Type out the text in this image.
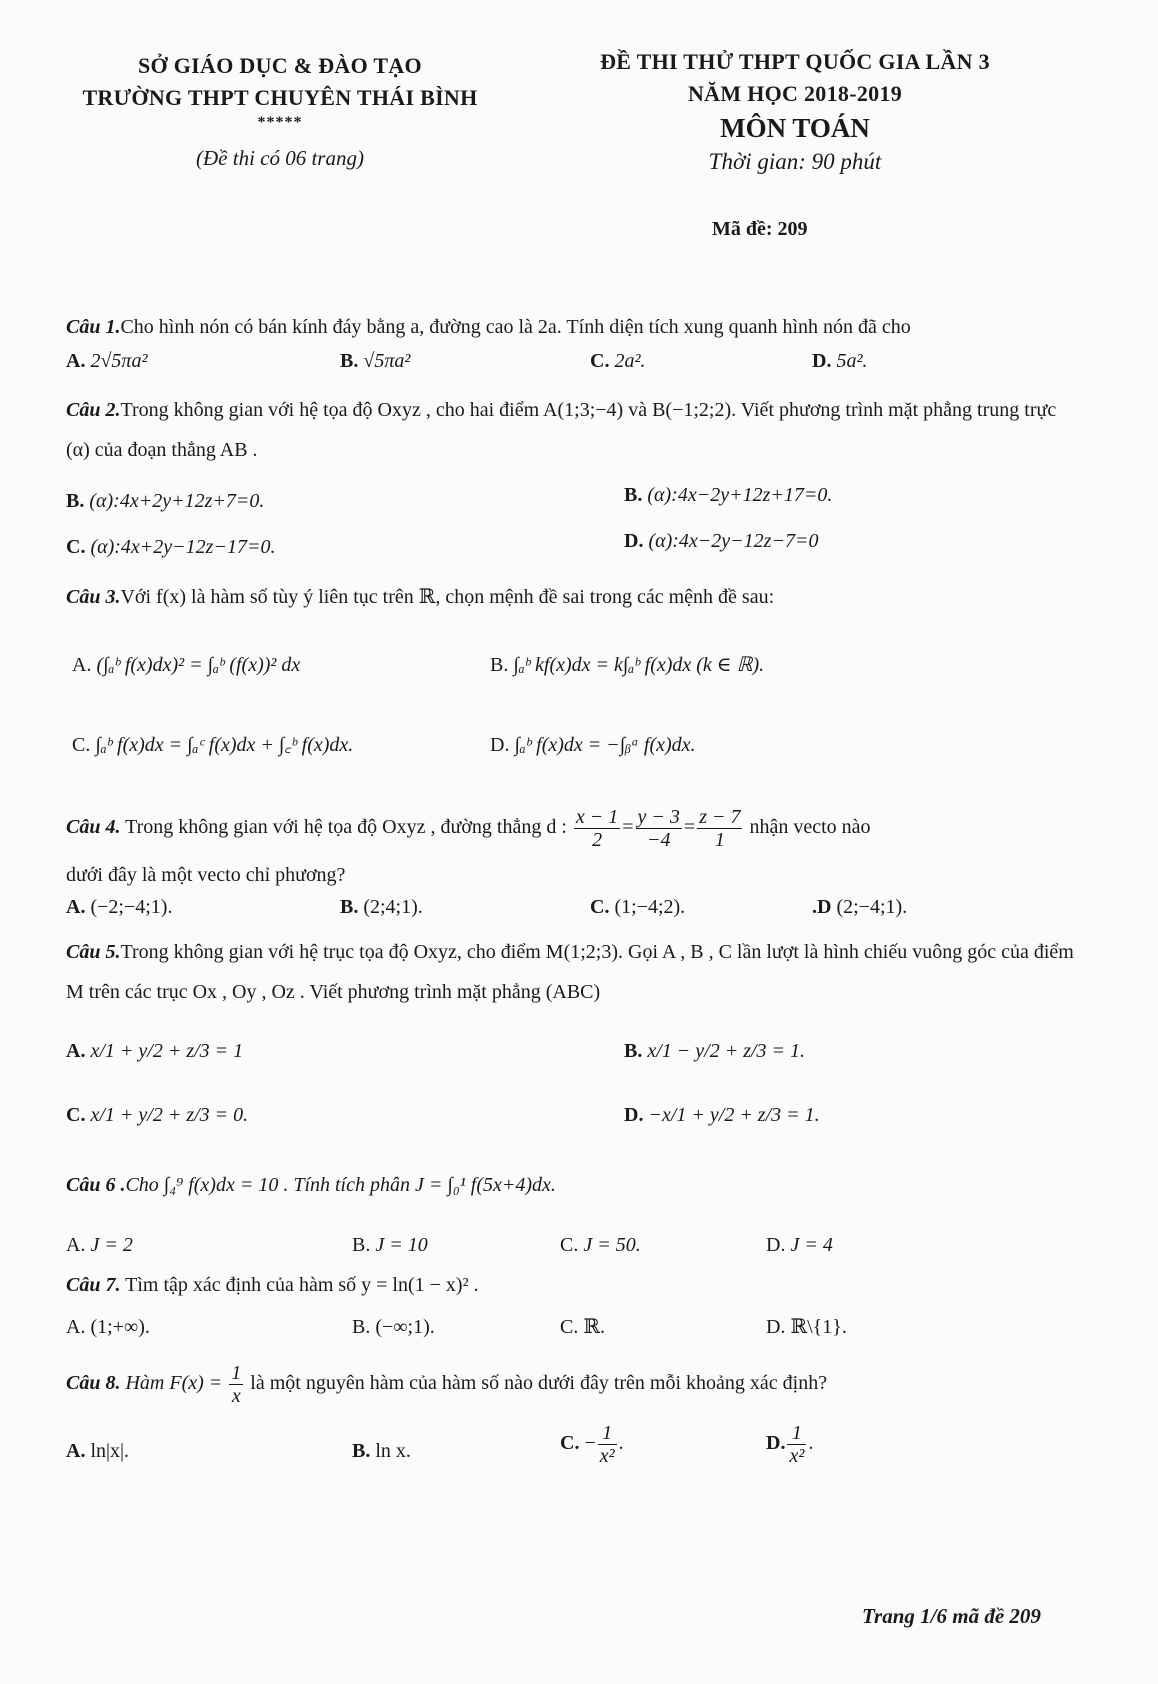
SỞ GIÁO DỤC & ĐÀO TẠO
TRƯỜNG THPT CHUYÊN THÁI BÌNH
*****
(Đề thi có 06 trang)
ĐỀ THI THỬ THPT QUỐC GIA LẦN 3
NĂM HỌC 2018-2019
MÔN TOÁN
Thời gian: 90 phút
Mã đề: 209
Câu 1.Cho hình nón có bán kính đáy bằng a, đường cao là 2a. Tính diện tích xung quanh hình nón đã cho
A. 2√5πa²	B. √5πa²	C. 2a².	D. 5a².
Câu 2.Trong không gian với hệ tọa độ Oxyz , cho hai điểm A(1;3;−4) và B(−1;2;2). Viết phương trình mặt phẳng trung trực (α) của đoạn thẳng AB .
B. (α):4x+2y+12z+7=0.	B. (α):4x−2y+12z+17=0.
C. (α):4x+2y−12z−17=0.	D. (α):4x−2y−12z−7=0
Câu 3.Với f(x) là hàm số tùy ý liên tục trên ℝ, chọn mệnh đề sai trong các mệnh đề sau:
A. (∫ₐᵇ f(x)dx)² = ∫ₐᵇ (f(x))² dx	B. ∫ₐᵇ kf(x)dx = k∫ₐᵇ f(x)dx (k ∈ ℝ).
C. ∫ₐᵇ f(x)dx = ∫ₐᶜ f(x)dx + ∫꜀ᵇ f(x)dx.	D. ∫ₐᵇ f(x)dx = −∫ᵦᵃ f(x)dx.
Câu 4. Trong không gian với hệ tọa độ Oxyz , đường thẳng d : $\frac{x - 1}{2} = \frac{y - 3}{-4} = \frac{z - 7}{1}$ nhận vecto nào
dưới đây là một vecto chỉ phương?
A. (−2;−4;1).	B. (2;4;1).	C. (1;−4;2).	.D (2;−4;1).
Câu 5.Trong không gian với hệ trục tọa độ Oxyz, cho điểm M(1;2;3). Gọi A , B , C lần lượt là hình chiếu vuông góc của điểm M trên các trục Ox , Oy , Oz . Viết phương trình mặt phẳng (ABC)
A. x/1 + y/2 + z/3 = 1	B. x/1 − y/2 + z/3 = 1.
C. x/1 + y/2 + z/3 = 0.	D. −x/1 + y/2 + z/3 = 1.
Câu 6 .Cho ∫₄⁹ f(x)dx = 10 . Tính tích phân J = ∫₀¹ f(5x+4)dx.
A. J = 2	B. J = 10	C. J = 50.	D. J = 4
Câu 7. Tìm tập xác định của hàm số y = ln(1 − x)² .
A. (1;+∞).	B. (−∞;1).	C. ℝ.	D. ℝ\{1}.
Câu 8. Hàm $F(x) = \frac{1}{x}$ là một nguyên hàm của hàm số nào dưới đây trên mỗi khoảng xác định?
A. ln|x|.	B. ln x.	C. − $\frac{1}{\text{x²}}$ .	D. $\frac{1}{\text{x²}}$ .
Trang 1/6 mã đề 209
